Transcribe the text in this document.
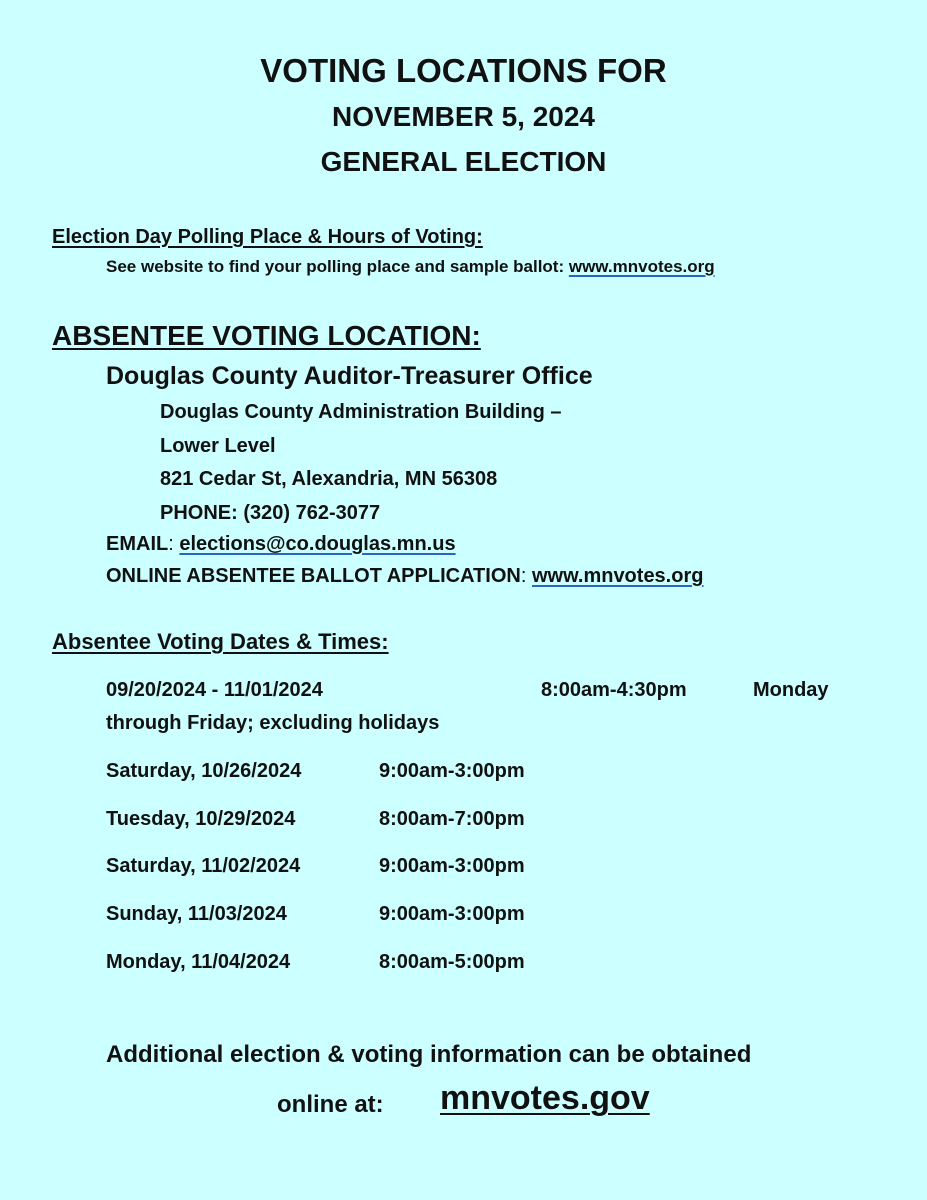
VOTING LOCATIONS FOR
NOVEMBER 5, 2024
GENERAL ELECTION
Election Day Polling Place & Hours of Voting:
See website to find your polling place and sample ballot: www.mnvotes.org
ABSENTEE VOTING LOCATION:
Douglas County Auditor-Treasurer Office
Douglas County Administration Building –
Lower Level
821 Cedar St, Alexandria, MN 56308
PHONE: (320) 762-3077
EMAIL: elections@co.douglas.mn.us
ONLINE ABSENTEE BALLOT APPLICATION: www.mnvotes.org
Absentee Voting Dates & Times:
09/20/2024 - 11/01/2024	8:00am-4:30pm	Monday
through Friday; excluding holidays
Saturday, 10/26/2024	9:00am-3:00pm
Tuesday, 10/29/2024	8:00am-7:00pm
Saturday, 11/02/2024	9:00am-3:00pm
Sunday, 11/03/2024	9:00am-3:00pm
Monday, 11/04/2024	8:00am-5:00pm
Additional election & voting information can be obtained
online at: mnvotes.gov
